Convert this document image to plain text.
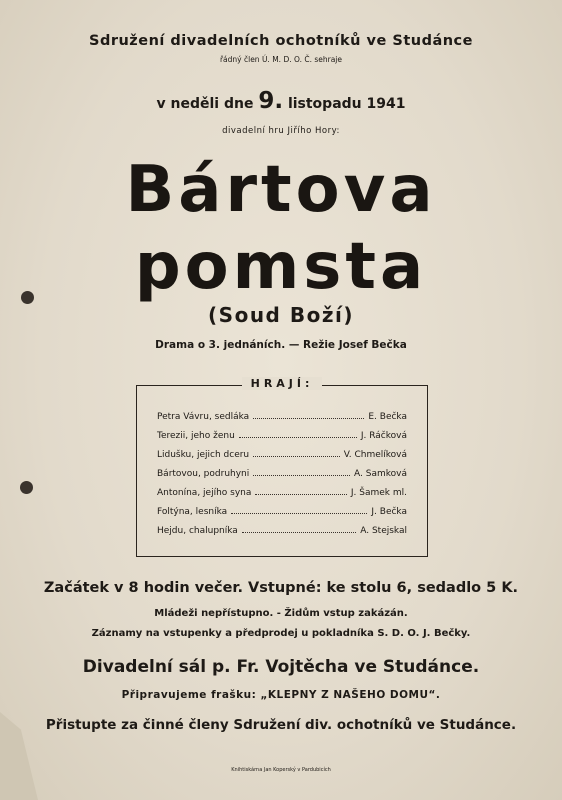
Sdružení divadelních ochotníků ve Studánce

řádný člen Ú. M. D. O. Č. sehraje

v neděli dne 9. listopadu 1941

divadelní hru Jiřího Hory:

Bártova

pomsta

(Soud Boží)

Drama o 3. jednáních. — Režie Josef Bečka

HRAJÍ:
Petra Vávru, sedláka	E. Bečka
Terezii, jeho ženu	J. Ráčková
Lidušku, jejich dceru	V. Chmelíková
Bártovou, podruhyni	A. Samková
Antonína, jejího syna	J. Šamek ml.
Foltýna, lesníka	J. Bečka
Hejdu, chalupníka	A. Stejskal

Začátek v 8 hodin večer. Vstupné: ke stolu 6, sedadlo 5 K.

Mládeži nepřístupno. - Židům vstup zakázán.

Záznamy na vstupenky a předprodej u pokladníka S. D. O. J. Bečky.

Divadelní sál p. Fr. Vojtěcha ve Studánce.

Připravujeme frašku: „KLEPNY Z NAŠEHO DOMU“.

Přistupte za činné členy Sdružení div. ochotníků ve Studánce.

Knihtiskárna Jan Koperský v Pardubicích
